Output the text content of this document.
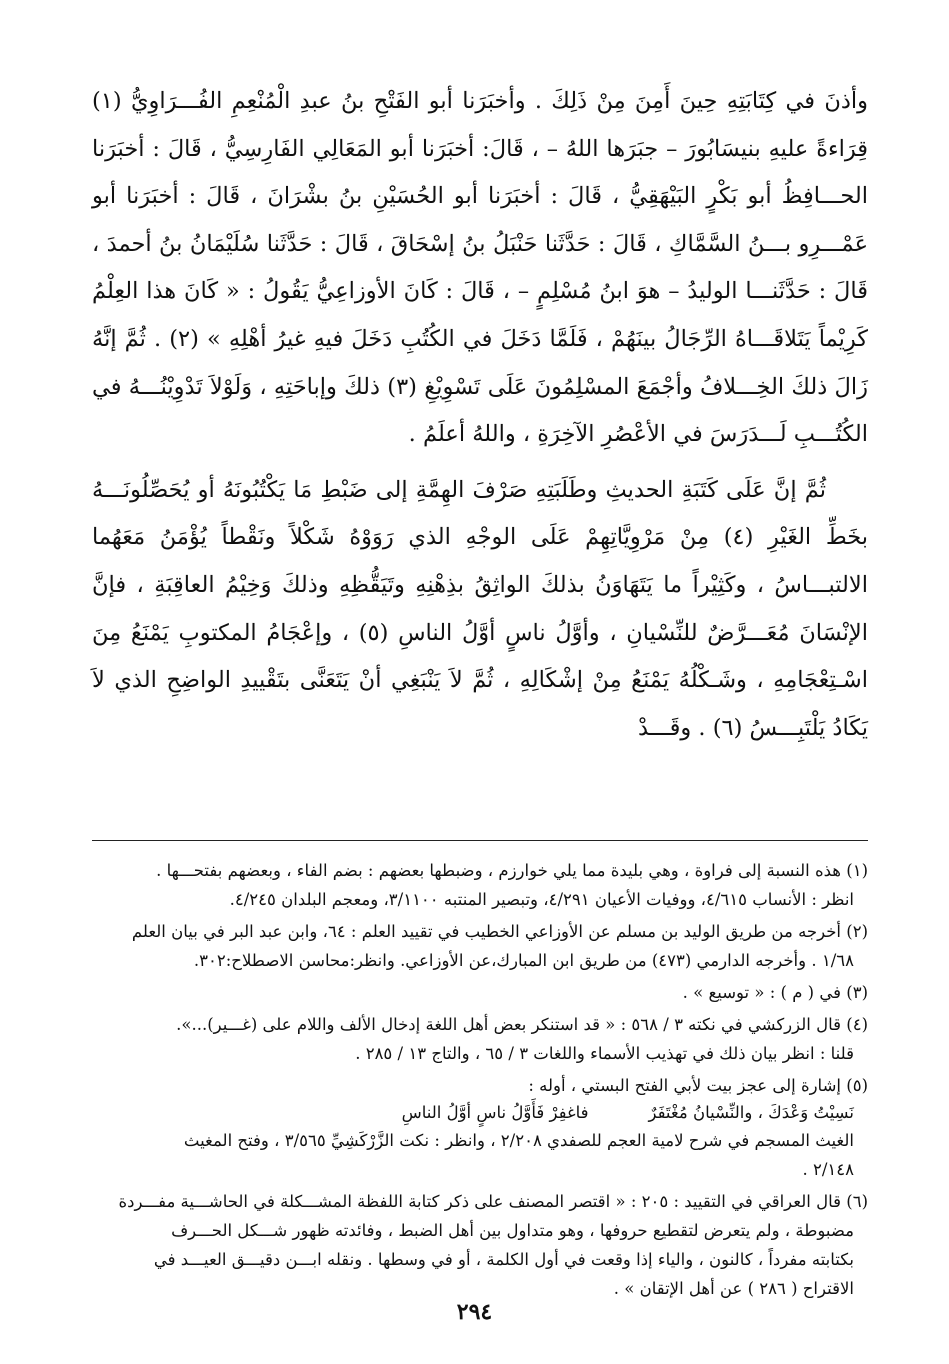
وأذنَ في كِتَابَتِهِ حِينَ أَمِنَ مِنْ ذَلِكَ . وأخبَرَنا أبو الفَتْحِ بنُ عبدِ الْمُنْعِمِ الفُـــرَاوِيُّ (١) قِرَاءةً عليهِ بنيسَابُورَ – جبَرَها اللهُ – ، قَالَ: أخبَرَنا أبو المَعَالِي الفَارِسِيُّ ، قَالَ : أخبَرَنا الحـــافِظُ أبو بَكْرٍ البَيْهَقِيُّ ، قَالَ : أخبَرَنا أبو الحُسَيْنِ بنُ بشْرَانَ ، قَالَ : أخبَرَنا أبو عَمْـــرِو بـــنُ السَّمَّاكِ ، قَالَ : حَدَّثَنا حَنْبَلُ بنُ إسْحَاقَ ، قَالَ : حَدَّثَنا سُلَيْمَانُ بنُ أحمدَ ، قَالَ : حَدَّثَنـــا الوليدُ – هوَ ابنُ مُسْلِمٍ – ، قَالَ : كَانَ الأوزاعِيُّ يَقُولُ : « كَانَ هذا العِلْمُ كَرِيْماً يَتَلاقَـــاهُ الرِّجَالُ بينَهُمْ ، فَلَمَّا دَخَلَ في الكُتُبِ دَخَلَ فيهِ غيرُ أهْلِهِ » (٢) . ثُمَّ إنَّهُ زَالَ ذلكَ الخِـــلافُ وأجْمَعَ المسْلِمُونَ عَلَى تَسْوِيْغِ (٣) ذلكَ وإباحَتِهِ ، وَلَوْلاَ تَدْوِيْنُـــهُ في الكُتُـــبِ لَـــدَرَسَ في الأعْصُرِ الآخِرَةِ ، واللهُ أعلَمُ .

ثُمَّ إنَّ عَلَى كَتَبَةِ الحديثِ وطَلَبَتِهِ صَرْفَ الهِمَّةِ إلى ضَبْطِ مَا يَكْتُبُونَهُ أو يُحَصِّلُونَـــهُ بخَطِّ الغَيْرِ (٤) مِنْ مَرْوِيَّاتِهِمْ عَلَى الوجْهِ الذي رَوَوْهُ شَكْلاً ونَقْطاً يُؤْمَنُ مَعَهُما الالتبـــاسُ ، وكَثِيْراً ما يَتَهَاوَنُ بذلكَ الواثِقُ بذِهْنِهِ وتَيَقُّظِهِ وذلكَ وَخِيْمُ العاقِبَةِ ، فإنَّ الإنْسَانَ مُعَـــرَّضٌ للنِّسْيانِ ، وأوَّلُ ناسٍ أوَّلُ الناسِ (٥) ، وإعْجَامُ المكتوبِ يَمْنَعُ مِنَ اسْـتِعْجَامِهِ ، وشَـكْلُهُ يَمْنَعُ مِنْ إشْكَالِهِ ، ثُمَّ لاَ يَنْبَغِي أنْ يَتَعَنَّى بتَقْييدِ الواضِحِ الذي لاَ يَكَادُ يَلْتَبِـــسُ (٦) . وقَـــدْ

(١) هذه النسبة إلى فراوة ، وهي بليدة مما يلي خوارزم ، وضبطها بعضهم : بضم الفاء ، وبعضهم بفتحـــها .
انظر : الأنساب ٤/٦١٥، ووفيات الأعيان ٤/٢٩١، وتبصير المنتبه ٣/١١٠٠، ومعجم البلدان ٤/٢٤٥.
(٢) أخرجه من طريق الوليد بن مسلم عن الأوزاعي الخطيب في تقييد العلم : ٦٤، وابن عبد البر في بيان العلم
١/٦٨ . وأخرجه الدارمي (٤٧٣) من طريق ابن المبارك،عن الأوزاعي. وانظر:محاسن الاصطلاح:٣٠٢.
(٣) في ( م ) : « توسيع » .
(٤) قال الزركشي في نكته ٣ / ٥٦٨ : « قد استنكر بعض أهل اللغة إدخال الألف واللام على (غـــير)...».
قلنا : انظر بيان ذلك في تهذيب الأسماء واللغات ٣ / ٦٥ ، والتاج ١٣ / ٢٨٥ .
(٥) إشارة إلى عجز بيت لأبي الفتح البستي ، أوله :
نَسِيْتُ وَعْدَكَ ، والنِّسْيانُ مُغْتَفَرٌ
فاغفِرْ فَأَوَّلُ ناسٍ أوَّلُ الناسِ
الغيث المسجم في شرح لامية العجم للصفدي ٢/٢٠٨ ، وانظر : نكت الزَّرْكَشِيِّ ٣/٥٦٥ ، وفتح المغيث
٢/١٤٨ .
(٦) قال العراقي في التقييد : ٢٠٥ : « اقتصر المصنف على ذكر كتابة اللفظة المشـــكلة في الحاشـــية مفـــردة
مضبوطة ، ولم يتعرض لتقطيع حروفها ، وهو متداول بين أهل الضبط ، وفائدته ظهور شـــكل الحـــرف
بكتابته مفرداً ، كالنون ، والياء إذا وقعت في أول الكلمة ، أو في وسطها . ونقله ابـــن دقيـــق العيـــد في
الاقتراح ( ٢٨٦ ) عن أهل الإتقان » .
٢٩٤
